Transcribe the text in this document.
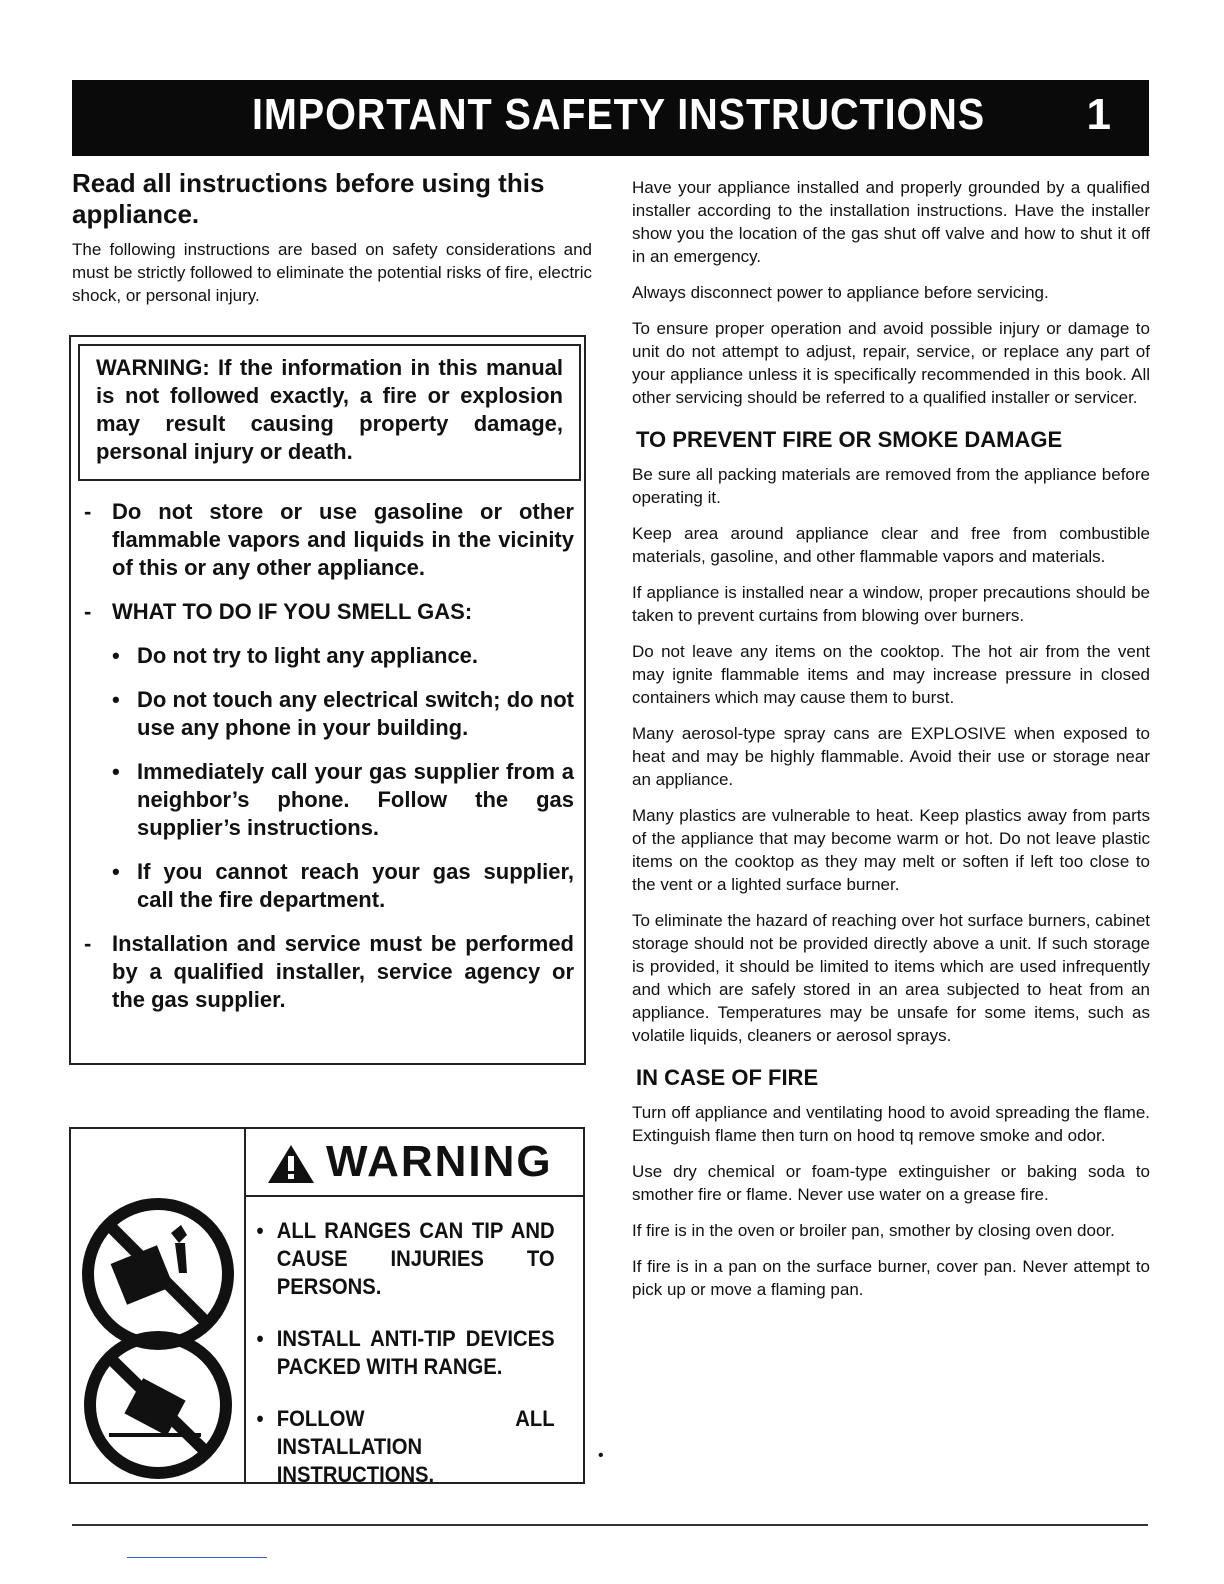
IMPORTANT SAFETY INSTRUCTIONS 1
Read all instructions before using this appliance.

The following instructions are based on safety considerations and must be strictly followed to eliminate the potential risks of fire, electric shock, or personal injury.

WARNING: If the information in this manual is not followed exactly, a fire or explosion may result causing property damage, personal injury or death.

- Do not store or use gasoline or other flammable vapors and liquids in the vicinity of this or any other appliance.
- WHAT TO DO IF YOU SMELL GAS:
• Do not try to light any appliance.
• Do not touch any electrical switch; do not use any phone in your building.
• Immediately call your gas supplier from a neighbor’s phone. Follow the gas supplier’s instructions.
• If you cannot reach your gas supplier, call the fire department.
- Installation and service must be performed by a qualified installer, service agency or the gas supplier.
WARNING
• ALL RANGES CAN TIP AND CAUSE INJURIES TO PERSONS.
• INSTALL ANTI-TIP DEVICES PACKED WITH RANGE.
• FOLLOW ALL INSTALLATION INSTRUCTIONS.

Have your appliance installed and properly grounded by a qualified installer according to the installation instructions. Have the installer show you the location of the gas shut off valve and how to shut it off in an emergency.

Always disconnect power to appliance before servicing.

To ensure proper operation and avoid possible injury or damage to unit do not attempt to adjust, repair, service, or replace any part of your appliance unless it is specifically recommended in this book. All other servicing should be referred to a qualified installer or servicer.

TO PREVENT FIRE OR SMOKE DAMAGE

Be sure all packing materials are removed from the appliance before operating it.

Keep area around appliance clear and free from combustible materials, gasoline, and other flammable vapors and materials.

If appliance is installed near a window, proper precautions should be taken to prevent curtains from blowing over burners.

Do not leave any items on the cooktop. The hot air from the vent may ignite flammable items and may increase pressure in closed containers which may cause them to burst.

Many aerosol-type spray cans are EXPLOSIVE when exposed to heat and may be highly flammable. Avoid their use or storage near an appliance.

Many plastics are vulnerable to heat. Keep plastics away from parts of the appliance that may become warm or hot. Do not leave plastic items on the cooktop as they may melt or soften if left too close to the vent or a lighted surface burner.

To eliminate the hazard of reaching over hot surface burners, cabinet storage should not be provided directly above a unit. If such storage is provided, it should be limited to items which are used infrequently and which are safely stored in an area subjected to heat from an appliance. Temperatures may be unsafe for some items, such as volatile liquids, cleaners or aerosol sprays.

IN CASE OF FIRE

Turn off appliance and ventilating hood to avoid spreading the flame. Extinguish flame then turn on hood tq remove smoke and odor.

Use dry chemical or foam-type extinguisher or baking soda to smother fire or flame. Never use water on a grease fire.

If fire is in the oven or broiler pan, smother by closing oven door.

If fire is in a pan on the surface burner, cover pan. Never attempt to pick up or move a flaming pan.

•
